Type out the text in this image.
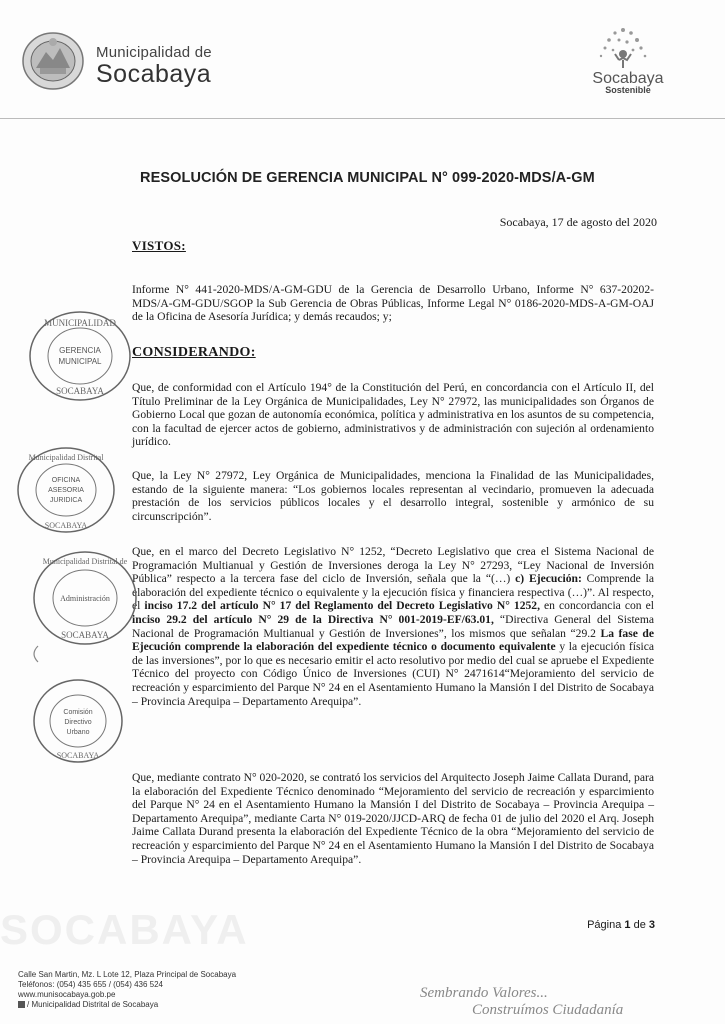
SOCABAYA
Municipalidad de
Socabaya	Socabaya
Sostenible
RESOLUCIÓN DE GERENCIA MUNICIPAL N° 099-2020-MDS/A-GM
Socabaya, 17 de agosto del 2020
VISTOS:
Informe N° 441-2020-MDS/A-GM-GDU de la Gerencia de Desarrollo Urbano, Informe N° 637-20202-MDS/A-GM-GDU/SGOP la Sub Gerencia de Obras Públicas, Informe Legal N° 0186-2020-MDS-A-GM-OAJ de la Oficina de Asesoría Jurídica; y demás recaudos; y;
CONSIDERANDO:
Que, de conformidad con el Artículo 194° de la Constitución del Perú, en concordancia con el Artículo II, del Título Preliminar de la Ley Orgánica de Municipalidades, Ley N° 27972, las municipalidades son Órganos de Gobierno Local que gozan de autonomía económica, política y administrativa en los asuntos de su competencia, con la facultad de ejercer actos de gobierno, administrativos y de administración con sujeción al ordenamiento jurídico.
Que, la Ley N° 27972, Ley Orgánica de Municipalidades, menciona la Finalidad de las Municipalidades, estando de la siguiente manera: “Los gobiernos locales representan al vecindario, promueven la adecuada prestación de los servicios públicos locales y el desarrollo integral, sostenible y armónico de su circunscripción”.
Que, en el marco del Decreto Legislativo N° 1252, “Decreto Legislativo que crea el Sistema Nacional de Programación Multianual y Gestión de Inversiones deroga la Ley N° 27293, “Ley Nacional de Inversión Pública” respecto a la tercera fase del ciclo de Inversión, señala que la “(…) c) Ejecución: Comprende la elaboración del expediente técnico o equivalente y la ejecución física y financiera respectiva (…)”. Al respecto, el inciso 17.2 del artículo N° 17 del Reglamento del Decreto Legislativo N° 1252, en concordancia con el inciso 29.2 del artículo N° 29 de la Directiva N° 001-2019-EF/63.01, “Directiva General del Sistema Nacional de Programación Multianual y Gestión de Inversiones”, los mismos que señalan “29.2 La fase de Ejecución comprende la elaboración del expediente técnico o documento equivalente y la ejecución física de las inversiones”, por lo que es necesario emitir el acto resolutivo por medio del cual se apruebe el Expediente Técnico del proyecto con Código Único de Inversiones (CUI) N° 2471614“Mejoramiento del servicio de recreación y esparcimiento del Parque N° 24 en el Asentamiento Humano la Mansión I del Distrito de Socabaya – Provincia Arequipa – Departamento Arequipa”.
Que, mediante contrato N° 020-2020, se contrató los servicios del Arquitecto Joseph Jaime Callata Durand, para la elaboración del Expediente Técnico denominado “Mejoramiento del servicio de recreación y esparcimiento del Parque N° 24 en el Asentamiento Humano la Mansión I del Distrito de Socabaya – Provincia Arequipa – Departamento Arequipa”, mediante Carta N° 019-2020/JJCD-ARQ de fecha 01 de julio del 2020 el Arq. Joseph Jaime Callata Durand presenta la elaboración del Expediente Técnico de la obra “Mejoramiento del servicio de recreación y esparcimiento del Parque N° 24 en el Asentamiento Humano la Mansión I del Distrito de Socabaya – Provincia Arequipa – Departamento Arequipa”.
Página 1 de 3
MUNICIPALIDAD
GERENCIA
MUNICIPAL
SOCABAYA
Municipalidad Distrital
OFICINA
ASESORIA
JURIDICA
SOCABAYA
Municipalidad Distrital de
Administración
SOCABAYA
Comisión
Directivo
Urbano
SOCABAYA
Calle San Martin, Mz. L Lote 12, Plaza Principal de Socabaya
Teléfonos: (054) 435 655 / (054) 436 524
www.munisocabaya.gob.pe
/ Municipalidad Distrital de Socabaya
Sembrando Valores...
Construímos Ciudadanía
